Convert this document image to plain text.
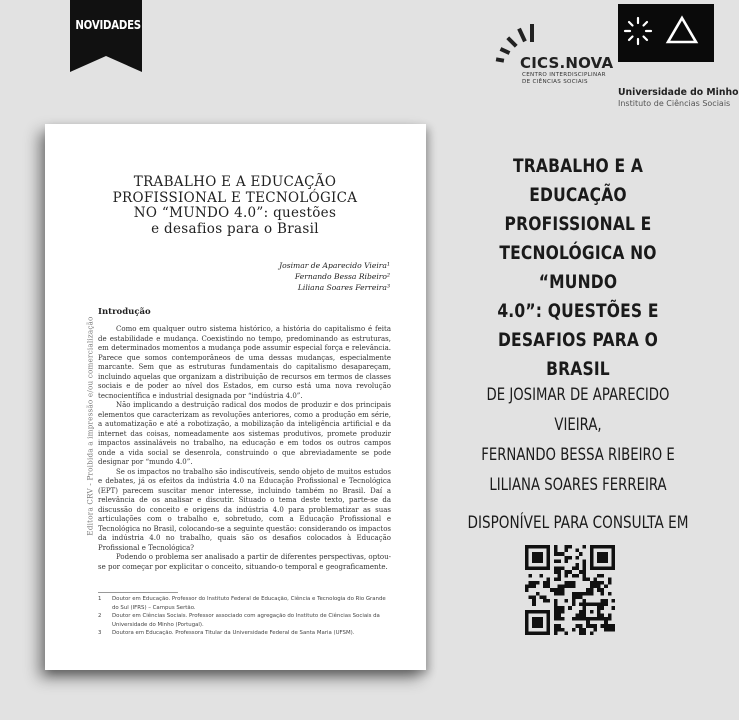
NOVIDADES
CICS.NOVA
CENTRO INTERDISCIPLINAR
DE CIÊNCIAS SOCIAIS
Universidade do Minho
Instituto de Ciências Sociais
Editora CRV - Proibida a impressão e/ou comercialização
TRABALHO E A EDUCAÇÃO
PROFISSIONAL E TECNOLÓGICA
NO “MUNDO 4.0”: questões
e desafios para o Brasil
Josimar de Aparecido Vieira¹
Fernando Bessa Ribeiro²
Liliana Soares Ferreira³
Introdução

Como em qualquer outro sistema histórico, a história do capitalismo é feita de estabilidade e mudança. Coexistindo no tempo, predominando as estruturas, em determinados momentos a mudança pode assumir especial força e relevância. Parece que somos contemporâneos de uma dessas mudanças, especialmente marcante. Sem que as estruturas fundamentais do capitalismo desapareçam, incluindo aquelas que organizam a distribuição de recursos em termos de classes sociais e de poder ao nível dos Estados, em curso está uma nova revolução tecnocientífica e industrial designada por “indústria 4.0”.

Não implicando a destruição radical dos modos de produzir e dos principais elementos que caracterizam as revoluções anteriores, como a produção em série, a automatização e até a robotização, a mobilização da inteligência artificial e da internet das coisas, nomeadamente aos sistemas produtivos, promete produzir impactos assinaláveis no trabalho, na educação e em todos os outros campos onde a vida social se desenrola, construindo o que abreviadamente se pode designar por “mundo 4.0”.

Se os impactos no trabalho são indiscutíveis, sendo objeto de muitos estudos e debates, já os efeitos da indústria 4.0 na Educação Profissional e Tecnológica (EPT) parecem suscitar menor interesse, incluindo também no Brasil. Daí a relevância de os analisar e discutir. Situado o tema deste texto, parte-se da discussão do conceito e origens da indústria 4.0 para problematizar as suas articulações com o trabalho e, sobretudo, com a Educação Profissional e Tecnológica no Brasil, colocando-se a seguinte questão: considerando os impactos da indústria 4.0 no trabalho, quais são os desafios colocados à Educação Profissional e Tecnológica?

Podendo o problema ser analisado a partir de diferentes perspectivas, optou-se por começar por explicitar o conceito, situando-o temporal e geograficamente.

1	Doutor em Educação. Professor do Instituto Federal de Educação, Ciência e Tecnologia do Rio Grande do Sul (IFRS) – Campus Sertão.
2	Doutor em Ciências Sociais. Professor associado com agregação do Instituto de Ciências Sociais da Universidade do Minho (Portugal).
3	Doutora em Educação. Professora Titular da Universidade Federal de Santa Maria (UFSM).
TRABALHO E A EDUCAÇÃO
PROFISSIONAL E
TECNOLÓGICA NO “MUNDO
4.0”: QUESTÕES E
DESAFIOS PARA O BRASIL
DE JOSIMAR DE APARECIDO VIEIRA,
FERNANDO BESSA RIBEIRO E
LILIANA SOARES FERREIRA
DISPONÍVEL PARA CONSULTA EM
